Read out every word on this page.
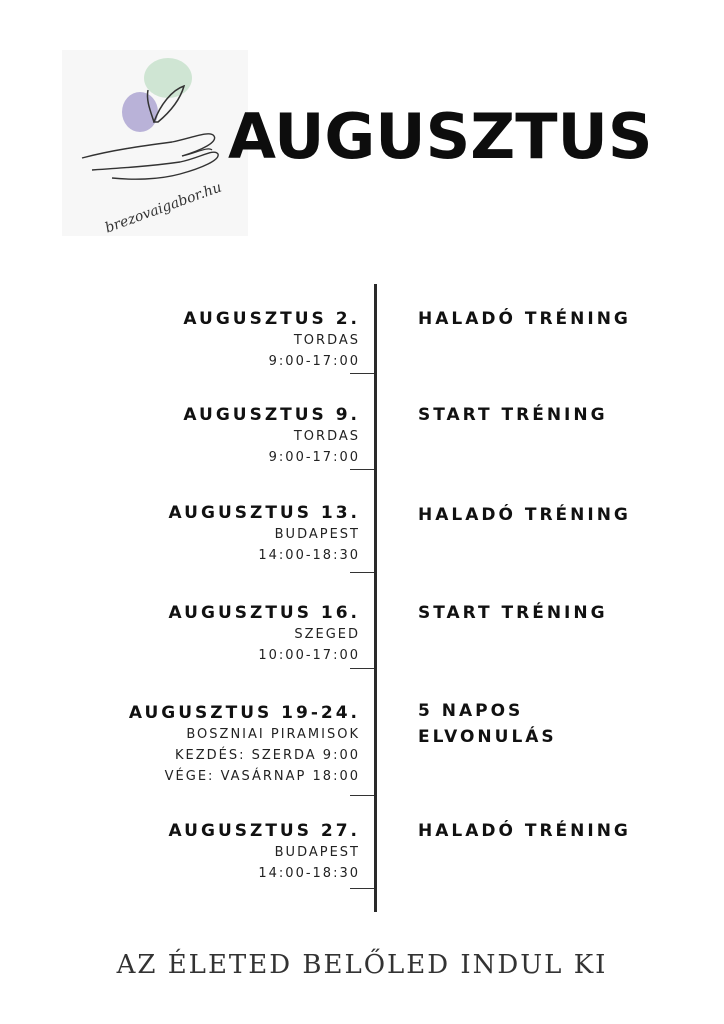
brezovaigabor.hu
AUGUSZTUS
AUGUSZTUS 2.
TORDAS
9:00-17:00
HALADÓ TRÉNING
AUGUSZTUS 9.
TORDAS
9:00-17:00
START TRÉNING
AUGUSZTUS 13.
BUDAPEST
14:00-18:30
HALADÓ TRÉNING
AUGUSZTUS 16.
SZEGED
10:00-17:00
START TRÉNING
AUGUSZTUS 19-24.
BOSZNIAI PIRAMISOK
KEZDÉS: SZERDA 9:00
VÉGE: VASÁRNAP 18:00
5 NAPOS
ELVONULÁS
AUGUSZTUS 27.
BUDAPEST
14:00-18:30
HALADÓ TRÉNING
AZ ÉLETED BELŐLED INDUL KI
